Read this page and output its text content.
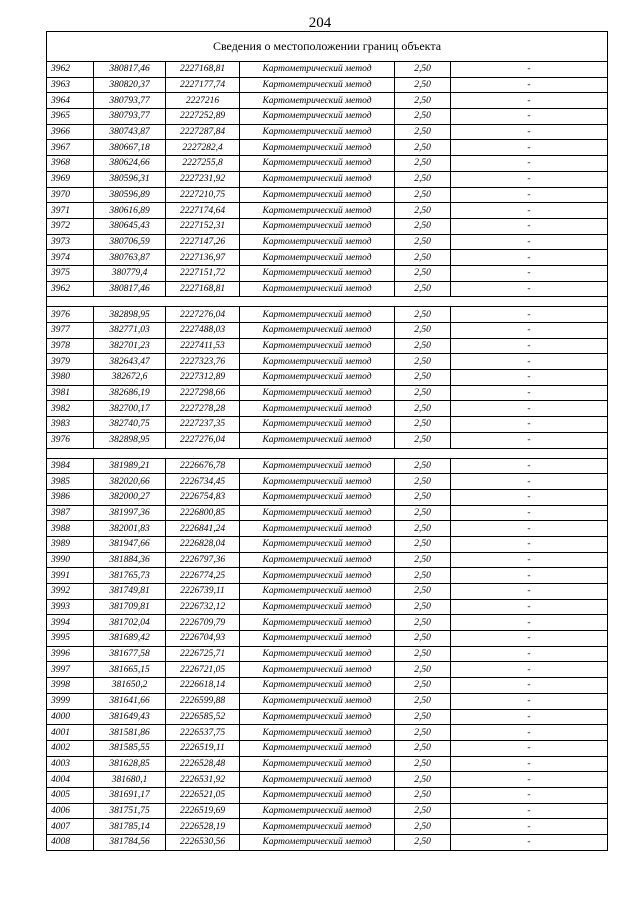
204
Сведения о местоположении границ объекта					
3962	380817,46	2227168,81	Картометрический метод	2,50	-
3963	380820,37	2227177,74	Картометрический метод	2,50	-
3964	380793,77	2227216	Картометрический метод	2,50	-
3965	380793,77	2227252,89	Картометрический метод	2,50	-
3966	380743,87	2227287,84	Картометрический метод	2,50	-
3967	380667,18	2227282,4	Картометрический метод	2,50	-
3968	380624,66	2227255,8	Картометрический метод	2,50	-
3969	380596,31	2227231,92	Картометрический метод	2,50	-
3970	380596,89	2227210,75	Картометрический метод	2,50	-
3971	380616,89	2227174,64	Картометрический метод	2,50	-
3972	380645,43	2227152,31	Картометрический метод	2,50	-
3973	380706,59	2227147,26	Картометрический метод	2,50	-
3974	380763,87	2227136,97	Картометрический метод	2,50	-
3975	380779,4	2227151,72	Картометрический метод	2,50	-
3962	380817,46	2227168,81	Картометрический метод	2,50	-

3976	382898,95	2227276,04	Картометрический метод	2,50	-
3977	382771,03	2227488,03	Картометрический метод	2,50	-
3978	382701,23	2227411,53	Картометрический метод	2,50	-
3979	382643,47	2227323,76	Картометрический метод	2,50	-
3980	382672,6	2227312,89	Картометрический метод	2,50	-
3981	382686,19	2227298,66	Картометрический метод	2,50	-
3982	382700,17	2227278,28	Картометрический метод	2,50	-
3983	382740,75	2227237,35	Картометрический метод	2,50	-
3976	382898,95	2227276,04	Картометрический метод	2,50	-

3984	381989,21	2226676,78	Картометрический метод	2,50	-
3985	382020,66	2226734,45	Картометрический метод	2,50	-
3986	382000,27	2226754,83	Картометрический метод	2,50	-
3987	381997,36	2226800,85	Картометрический метод	2,50	-
3988	382001,83	2226841,24	Картометрический метод	2,50	-
3989	381947,66	2226828,04	Картометрический метод	2,50	-
3990	381884,36	2226797,36	Картометрический метод	2,50	-
3991	381765,73	2226774,25	Картометрический метод	2,50	-
3992	381749,81	2226739,11	Картометрический метод	2,50	-
3993	381709,81	2226732,12	Картометрический метод	2,50	-
3994	381702,04	2226709,79	Картометрический метод	2,50	-
3995	381689,42	2226704,93	Картометрический метод	2,50	-
3996	381677,58	2226725,71	Картометрический метод	2,50	-
3997	381665,15	2226721,05	Картометрический метод	2,50	-
3998	381650,2	2226618,14	Картометрический метод	2,50	-
3999	381641,66	2226599,88	Картометрический метод	2,50	-
4000	381649,43	2226585,52	Картометрический метод	2,50	-
4001	381581,86	2226537,75	Картометрический метод	2,50	-
4002	381585,55	2226519,11	Картометрический метод	2,50	-
4003	381628,85	2226528,48	Картометрический метод	2,50	-
4004	381680,1	2226531,92	Картометрический метод	2,50	-
4005	381691,17	2226521,05	Картометрический метод	2,50	-
4006	381751,75	2226519,69	Картометрический метод	2,50	-
4007	381785,14	2226528,19	Картометрический метод	2,50	-
4008	381784,56	2226530,56	Картометрический метод	2,50	-
